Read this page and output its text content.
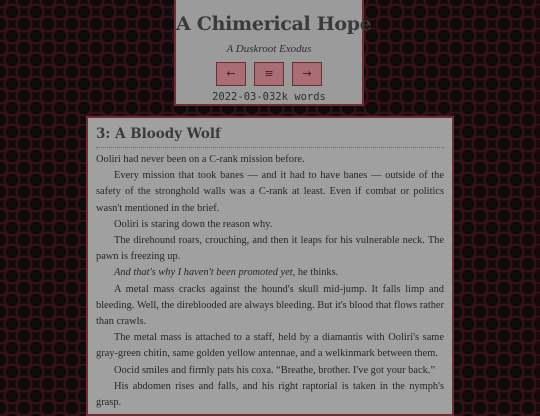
A Chimerical Hope
A Duskroot Exodus
←	≡	→
2022-03-032k words
3: A Bloody Wolf

Ooliri had never been on a C-rank mission before.

Every mission that took banes — and it had to have banes — outside of the safety of the stronghold walls was a C-rank at least. Even if combat or politics wasn't mentioned in the brief.

Ooliri is staring down the reason why.

The direhound roars, crouching, and then it leaps for his vulnerable neck. The pawn is freezing up.

And that's why I haven't been promoted yet, he thinks.

A metal mass cracks against the hound's skull mid-jump. It falls limp and bleeding. Well, the direblooded are always bleeding. But it's blood that flows rather than crawls.

The metal mass is attached to a staff, held by a diamantis with Ooliri's same gray-green chitin, same golden yellow antennae, and a welkinmark between them.

Oocid smiles and firmly pats his coxa. “Breathe, brother. I've got your back.”

His abdomen rises and falls, and his right raptorial is taken in the nymph's grasp.
